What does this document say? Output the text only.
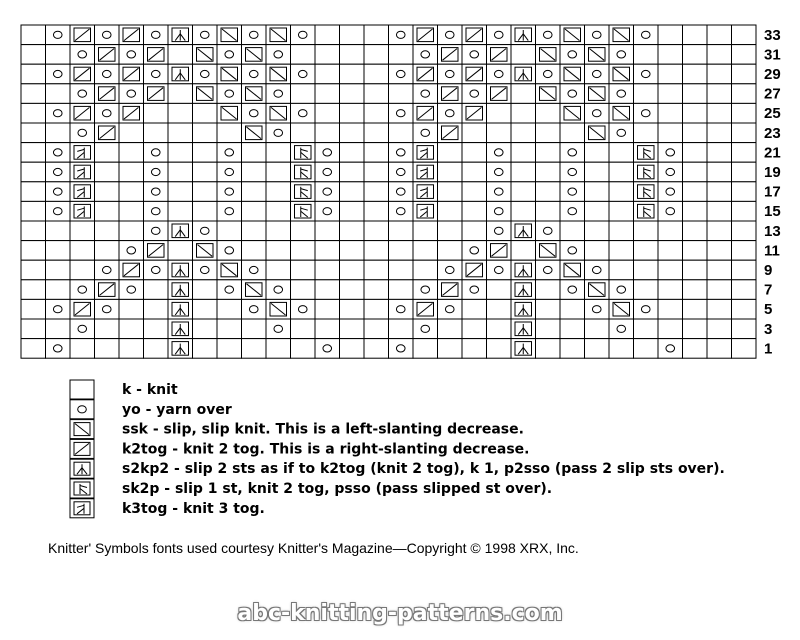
33
31
29
27
25
23
21
19
17
15
13
11
9
7
5
3
1
k - knit
yo - yarn over
ssk - slip, slip knit. This is a left-slanting decrease.
k2tog - knit 2 tog. This is a right-slanting decrease.
s2kp2 - slip 2 sts as if to k2tog (knit 2 tog), k 1, p2sso (pass 2 slip sts over).
sk2p - slip 1 st, knit 2 tog, psso (pass slipped st over).
k3tog - knit 3 tog.
Knitter' Symbols fonts used courtesy Knitter's Magazine—Copyright © 1998 XRX, Inc.
abc-knitting-patterns.com
